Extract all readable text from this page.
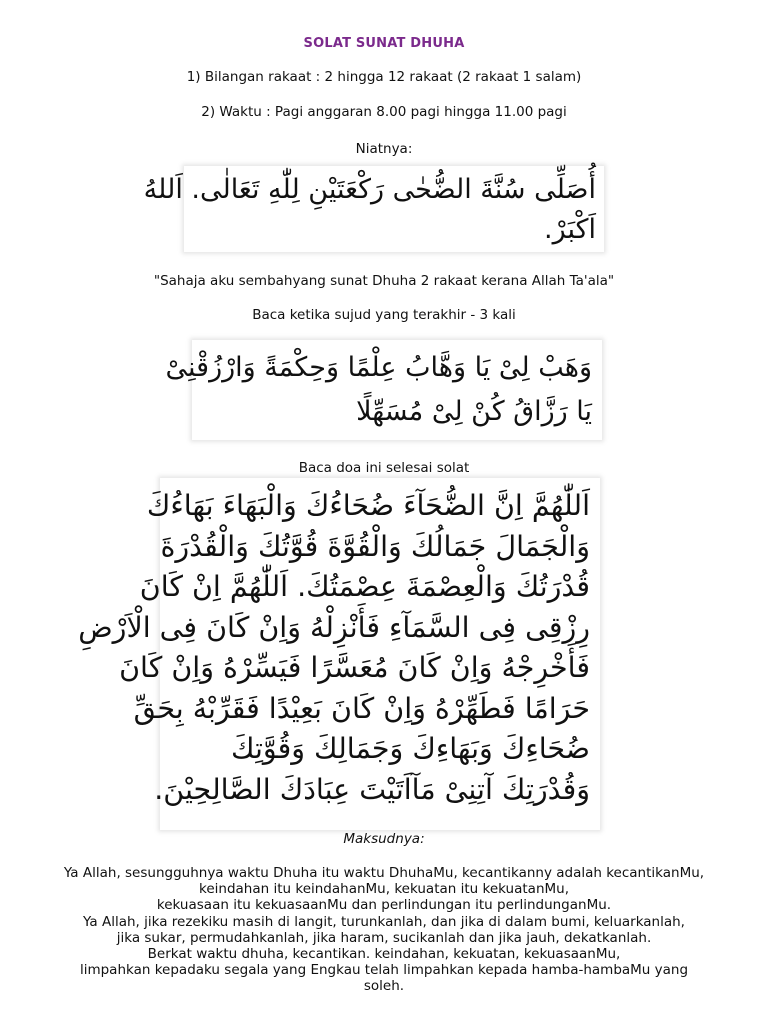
SOLAT SUNAT DHUHA
1) Bilangan rakaat : 2 hingga 12 rakaat (2 rakaat 1 salam)
2) Waktu : Pagi anggaran 8.00 pagi hingga 11.00 pagi
Niatnya:
أُصَلِّى سُنَّةَ الضُّحٰى رَكْعَتَيْنِ لِلّٰهِ تَعَالٰى. اَللهُ
اَكْبَرْ.
"Sahaja aku sembahyang sunat Dhuha 2 rakaat kerana Allah Ta'ala"
Baca ketika sujud yang terakhir - 3 kali
وَهَبْ لِىْ يَا وَهَّابُ عِلْمًا وَحِكْمَةً وَارْزُقْنِىْ
يَا رَزَّاقُ كُنْ لِىْ مُسَهِّلًا
Baca doa ini selesai solat
اَللّٰهُمَّ اِنَّ الضُّحَآءَ ضُحَاءُكَ وَالْبَهَاءَ بَهَاءُكَ
وَالْجَمَالَ جَمَالُكَ وَالْقُوَّةَ قُوَّتُكَ وَالْقُدْرَةَ
قُدْرَتُكَ وَالْعِصْمَةَ عِصْمَتُكَ. اَللّٰهُمَّ اِنْ كَانَ
رِزْقِى فِى السَّمَآءِ فَأَنْزِلْهُ وَاِنْ كَانَ فِى الْاَرْضِ
فَأَخْرِجْهُ وَاِنْ كَانَ مُعَسَّرًا فَيَسِّرْهُ وَاِنْ كَانَ
حَرَامًا فَطَهِّرْهُ وَاِنْ كَانَ بَعِيْدًا فَقَرِّبْهُ بِحَقِّ
ضُحَاءِكَ وَبَهَاءِكَ وَجَمَالِكَ وَقُوَّتِكَ
وَقُدْرَتِكَ آتِنِىْ مَآاَتَيْتَ عِبَادَكَ الصَّالِحِيْنَ.
Maksudnya:
Ya Allah, sesungguhnya waktu Dhuha itu waktu DhuhaMu, kecantikanny adalah kecantikanMu,
keindahan itu keindahanMu, kekuatan itu kekuatanMu,
kekuasaan itu kekuasaanMu dan perlindungan itu perlindunganMu.
Ya Allah, jika rezekiku masih di langit, turunkanlah, dan jika di dalam bumi, keluarkanlah,
jika sukar, permudahkanlah, jika haram, sucikanlah dan jika jauh, dekatkanlah.
Berkat waktu dhuha, kecantikan. keindahan, kekuatan, kekuasaanMu,
limpahkan kepadaku segala yang Engkau telah limpahkan kepada hamba-hambaMu yang soleh.
